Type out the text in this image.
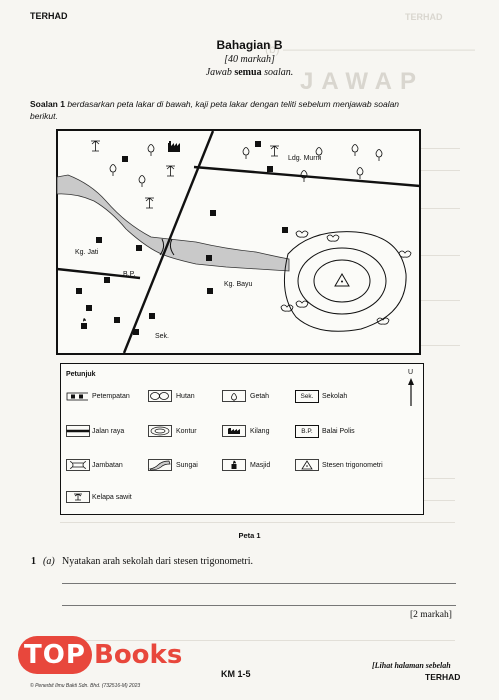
TERHAD
(b) ————————————————
JAWAP
TERHAD
Bahagian B
[40 markah]
Jawab semua soalan.
Soalan 1 berdasarkan peta lakar di bawah, kaji peta lakar dengan teliti sebelum menjawab soalan
berikut.
Ldg. Murni
Kg. Jati
B.P.
Kg. Bayu
Sek.
Petunjuk	U
Petempatan	Hutan	Getah	Sek.	Sekolah
Jalan raya	Kontur	Kilang	B.P.	Balai Polis
Jambatan	Sungai	Masjid	Stesen trigonometri
Kelapa sawit
Peta 1
1 (a) Nyatakan arah sekolah dari stesen trigonometri.
[2 markah]
TOP Books
© Penerbit Ilmu Bakti Sdn. Bhd. (732516-M) 2023
KM 1-5
[Lihat halaman sebelah
TERHAD
